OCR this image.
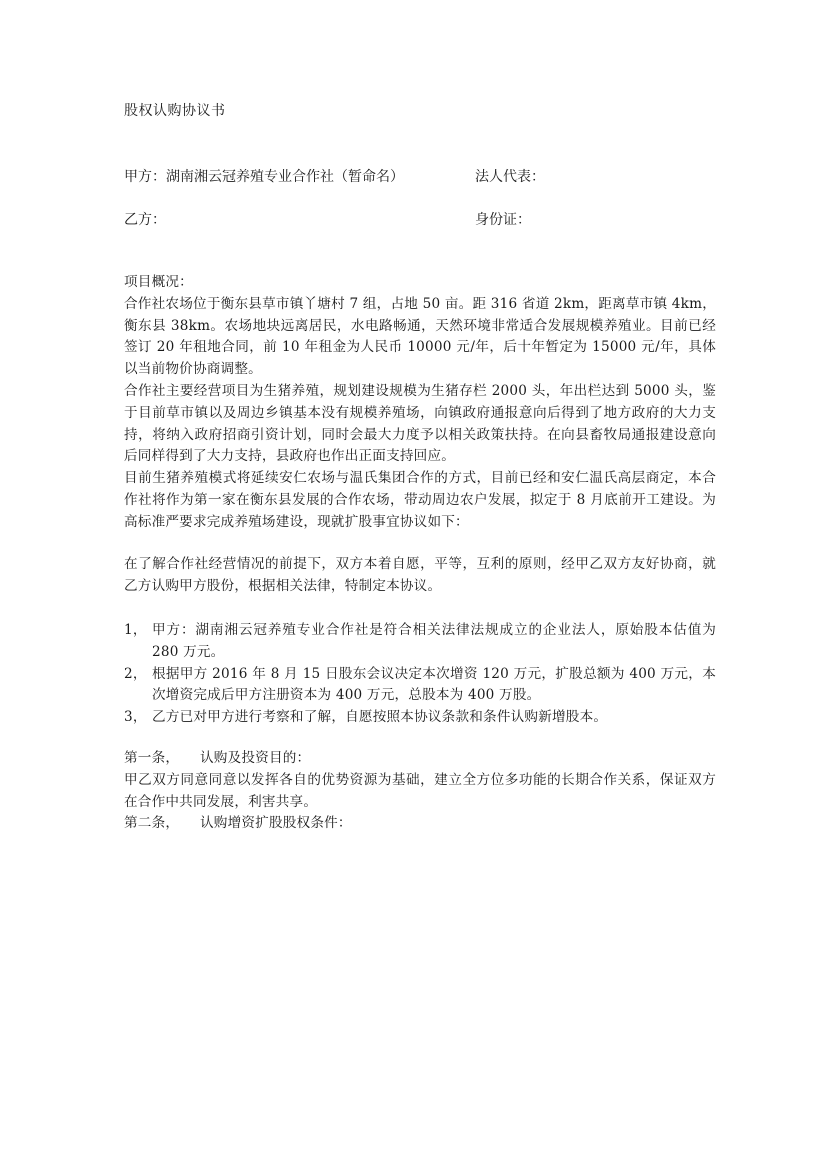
股权认购协议书
甲方：湖南湘云冠养殖专业合作社（暂命名）	法人代表：
乙方：	身份证：

项目概况：

合作社农场位于衡东县草市镇丫塘村 7 组，占地 50 亩。距 316 省道 2km，距离草市镇 4km，衡东县 38km。农场地块远离居民，水电路畅通，天然环境非常适合发展规模养殖业。目前已经签订 20 年租地合同，前 10 年租金为人民币 10000 元/年，后十年暂定为 15000 元/年，具体以当前物价协商调整。

合作社主要经营项目为生猪养殖，规划建设规模为生猪存栏 2000 头，年出栏达到 5000 头，鉴于目前草市镇以及周边乡镇基本没有规模养殖场，向镇政府通报意向后得到了地方政府的大力支持，将纳入政府招商引资计划，同时会最大力度予以相关政策扶持。在向县畜牧局通报建设意向后同样得到了大力支持，县政府也作出正面支持回应。

目前生猪养殖模式将延续安仁农场与温氏集团合作的方式，目前已经和安仁温氏高层商定，本合作社将作为第一家在衡东县发展的合作农场，带动周边农户发展，拟定于 8 月底前开工建设。为高标准严要求完成养殖场建设，现就扩股事宜协议如下：

在了解合作社经营情况的前提下，双方本着自愿，平等，互利的原则，经甲乙双方友好协商，就乙方认购甲方股份，根据相关法律，特制定本协议。

1， 甲方：湖南湘云冠养殖专业合作社是符合相关法律法规成立的企业法人，原始股本估值为 280 万元。
2， 根据甲方 2016 年 8 月 15 日股东会议决定本次增资 120 万元，扩股总额为 400 万元，本次增资完成后甲方注册资本为 400 万元，总股本为 400 万股。
3， 乙方已对甲方进行考察和了解，自愿按照本协议条款和条件认购新增股本。

第一条， 认购及投资目的：

甲乙双方同意同意以发挥各自的优势资源为基础，建立全方位多功能的长期合作关系，保证双方在合作中共同发展，利害共享。

第二条， 认购增资扩股股权条件：
